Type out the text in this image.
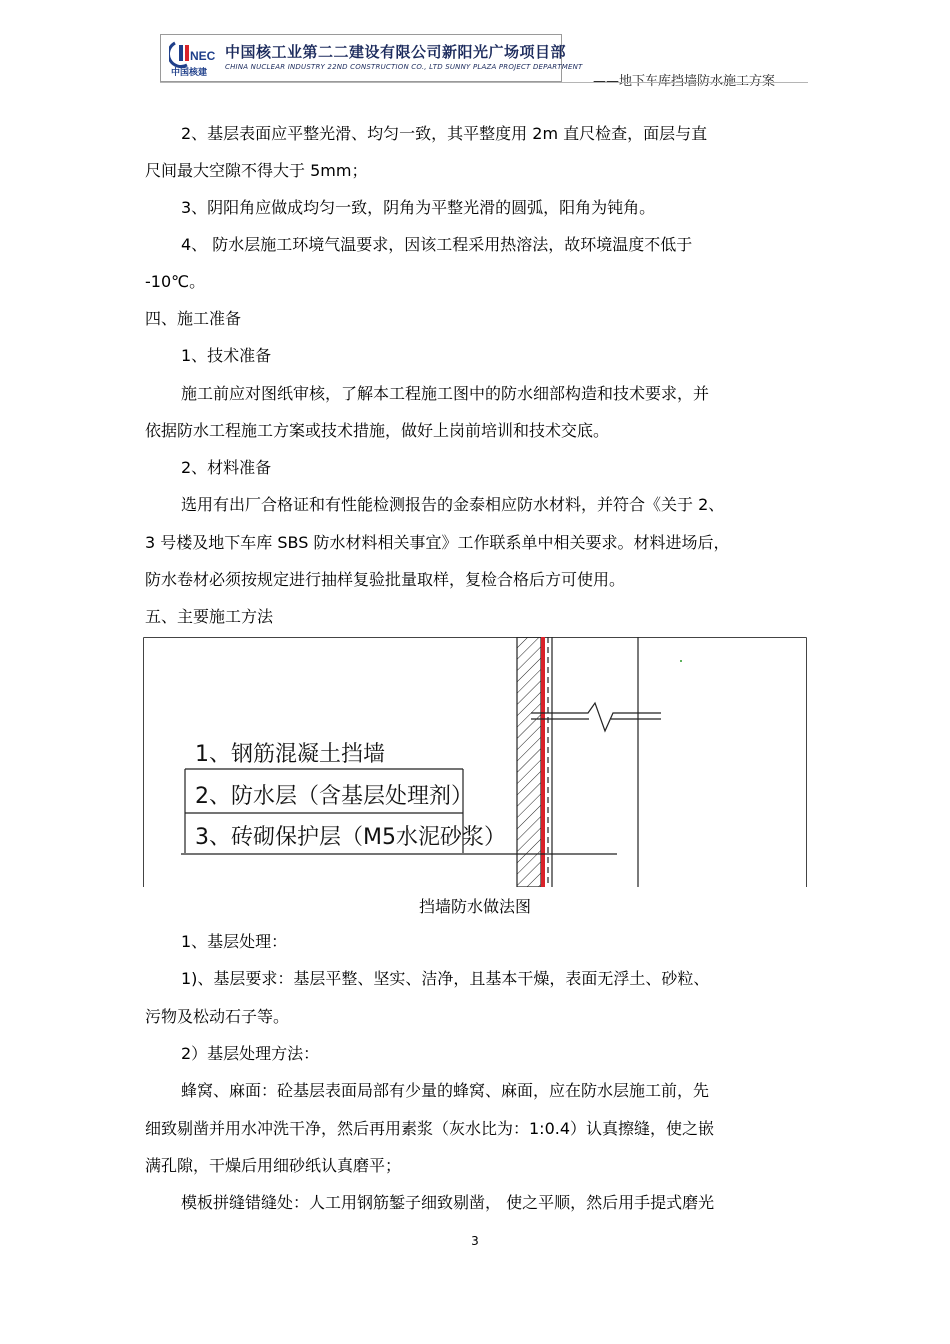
NEC
中国核建
中国核工业第二二建设有限公司新阳光广场项目部
CHINA NUCLEAR INDUSTRY 22ND CONSTRUCTION CO., LTD SUNNY PLAZA PROJECT DEPARTMENT
——地下车库挡墙防水施工方案
2、基层表面应平整光滑、均匀一致，其平整度用 2m 直尺检查，面层与直
尺间最大空隙不得大于 5mm；
3、阴阳角应做成均匀一致，阴角为平整光滑的圆弧，阳角为钝角。
4、 防水层施工环境气温要求，因该工程采用热溶法，故环境温度不低于
-10℃。
四、施工准备
1、技术准备
施工前应对图纸审核，了解本工程施工图中的防水细部构造和技术要求，并
依据防水工程施工方案或技术措施，做好上岗前培训和技术交底。
2、材料准备
选用有出厂合格证和有性能检测报告的金泰相应防水材料，并符合《关于 2、
3 号楼及地下车库 SBS 防水材料相关事宜》工作联系单中相关要求。材料进场后，
防水卷材必须按规定进行抽样复验批量取样，复检合格后方可使用。
五、主要施工方法
1、钢筋混凝土挡墙
2、防水层（含基层处理剂）
3、砖砌保护层（M5水泥砂浆）
挡墙防水做法图
1、基层处理：
1)、基层要求：基层平整、坚实、洁净，且基本干燥，表面无浮土、砂粒、
污物及松动石子等。
2）基层处理方法：
蜂窝、麻面：砼基层表面局部有少量的蜂窝、麻面，应在防水层施工前，先
细致剔凿并用水冲洗干净，然后再用素浆（灰水比为：1:0.4）认真擦缝，使之嵌
满孔隙，干燥后用细砂纸认真磨平；
模板拼缝错缝处：人工用钢筋錾子细致剔凿， 使之平顺，然后用手提式磨光
3
